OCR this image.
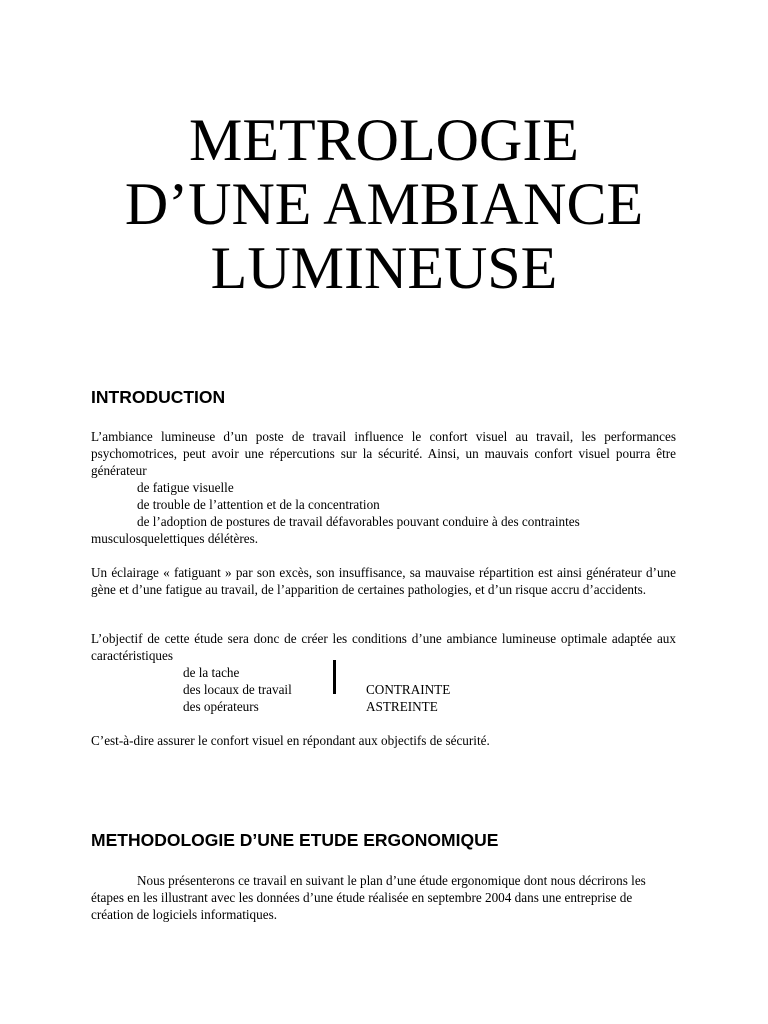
METROLOGIE
D’UNE AMBIANCE
LUMINEUSE
INTRODUCTION
L’ambiance lumineuse d’un poste de travail influence le confort visuel au travail, les performances psychomotrices, peut avoir une répercutions sur la sécurité. Ainsi, un mauvais confort visuel pourra être générateur
de fatigue visuelle
de trouble de l’attention et de la concentration
de l’adoption de postures de travail défavorables pouvant conduire à des contraintes
musculosquelettiques délétères.
Un éclairage « fatiguant » par son excès, son insuffisance, sa mauvaise répartition est ainsi générateur d’une gène et d’une fatigue au travail, de l’apparition de certaines pathologies, et d’un risque accru d’accidents.
L’objectif de cette étude sera donc de créer les conditions d’une ambiance lumineuse optimale adaptée aux caractéristiques
de la tache
des locaux de travail
des opérateurs
CONTRAINTE
ASTREINTE
C’est-à-dire assurer le confort visuel en répondant aux objectifs de sécurité.
METHODOLOGIE D’UNE ETUDE ERGONOMIQUE
Nous présenterons ce travail en suivant le plan d’une étude ergonomique dont nous décrirons les étapes en les illustrant avec les données d’une étude réalisée en septembre 2004 dans une entreprise de création de logiciels informatiques.
